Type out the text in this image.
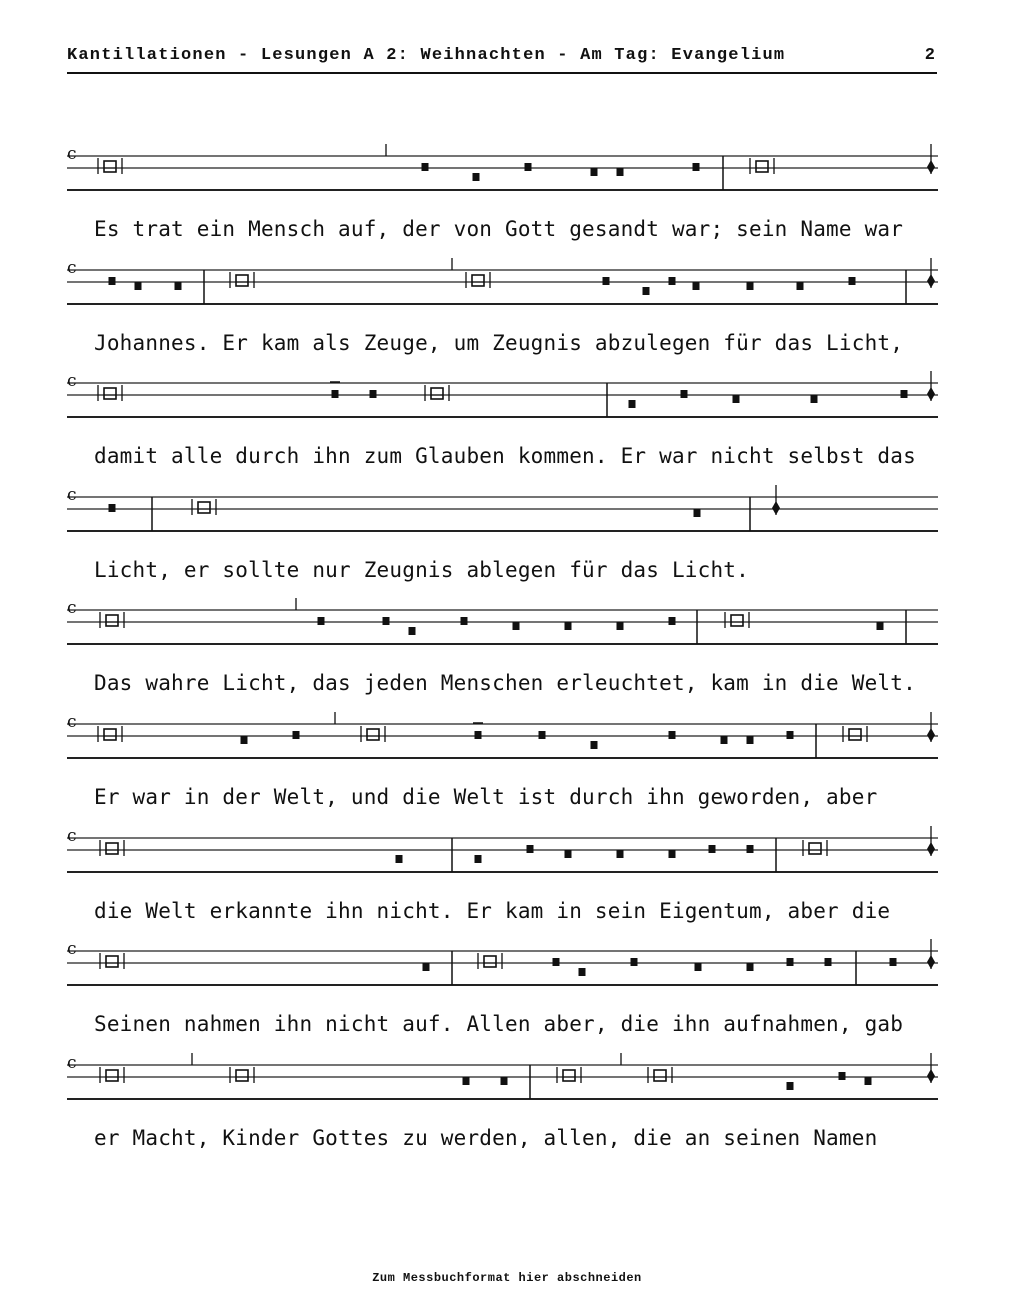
Kantillationen - Lesungen A 2: Weihnachten - Am Tag: Evangelium	2
c
Es trat ein Mensch auf, der von Gott gesandt war; sein Name war
c
Johannes. Er kam als Zeuge, um Zeugnis abzulegen für das Licht,
c
damit alle durch ihn zum Glauben kommen. Er war nicht selbst das
c
Licht, er sollte nur Zeugnis ablegen für das Licht.
c
Das wahre Licht, das jeden Menschen erleuchtet, kam in die Welt.
c
Er war in der Welt, und die Welt ist durch ihn geworden, aber
c
die Welt erkannte ihn nicht. Er kam in sein Eigentum, aber die
c
Seinen nahmen ihn nicht auf. Allen aber, die ihn aufnahmen, gab
c
er Macht, Kinder Gottes zu werden, allen, die an seinen Namen
Zum Messbuchformat hier abschneiden
